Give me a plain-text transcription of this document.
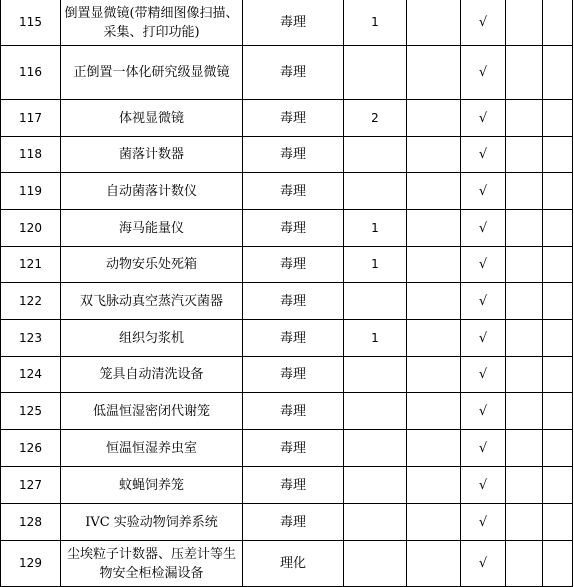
115	倒置显微镜(带精细图像扫描、采集、打印功能)	毒理	1		√		
116	正倒置一体化研究级显微镜	毒理			√		
117	体视显微镜	毒理	2		√		
118	菌落计数器	毒理			√		
119	自动菌落计数仪	毒理			√		
120	海马能量仪	毒理	1		√		
121	动物安乐处死箱	毒理	1		√		
122	双飞脉动真空蒸汽灭菌器	毒理			√		
123	组织匀浆机	毒理	1		√		
124	笼具自动清洗设备	毒理			√		
125	低温恒湿密闭代谢笼	毒理			√		
126	恒温恒湿养虫室	毒理			√		
127	蚊蝇饲养笼	毒理			√		
128	IVC 实验动物饲养系统	毒理			√		
129	尘埃粒子计数器、压差计等生物安全柜检漏设备	理化			√		
